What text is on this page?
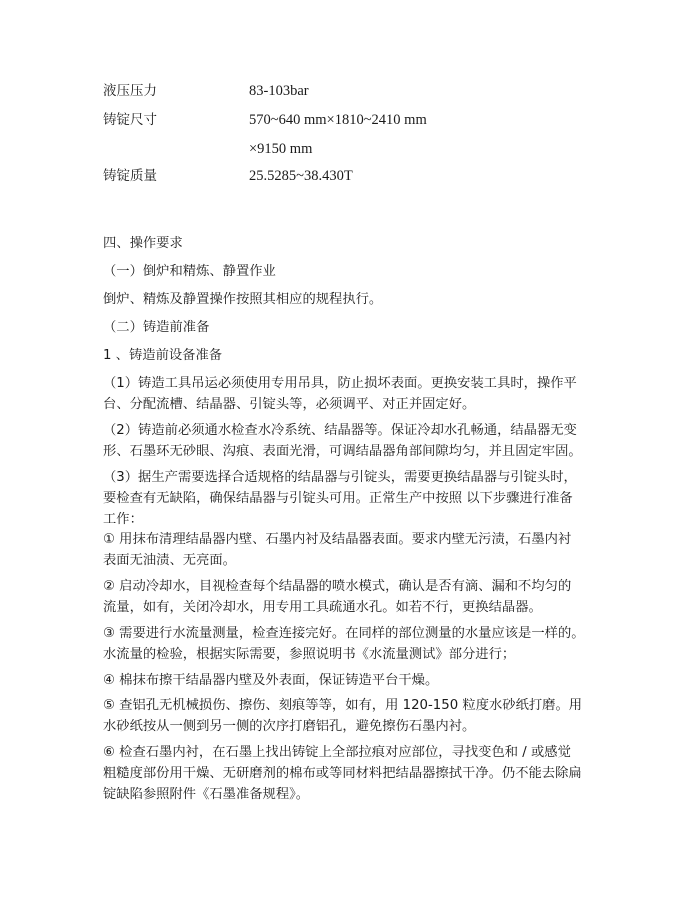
液压压力	83-103bar
铸锭尺寸	570~640 mm×1810~2410 mm
×9150 mm
铸锭质量	25.5285~38.430T
四、操作要求
（一）倒炉和精炼、静置作业
倒炉、精炼及静置操作按照其相应的规程执行。
（二）铸造前准备
1 、铸造前设备准备
（1）铸造工具吊运必须使用专用吊具，防止损坏表面。更换安装工具时，操作平
台、分配流槽、结晶器、引锭头等，必须调平、对正并固定好。
（2）铸造前必须通水检查水冷系统、结晶器等。保证冷却水孔畅通，结晶器无变
形、石墨环无砂眼、沟痕、表面光滑，可调结晶器角部间隙均匀，并且固定牢固。
（3）据生产需要选择合适规格的结晶器与引锭头，需要更换结晶器与引锭头时，
要检查有无缺陷，确保结晶器与引锭头可用。正常生产中按照 以下步骤进行准备
工作：
① 用抹布清理结晶器内壁、石墨内衬及结晶器表面。要求内壁无污渍，石墨内衬
表面无油渍、无亮面。
② 启动冷却水，目视检查每个结晶器的喷水模式，确认是否有滴、漏和不均匀的
流量，如有，关闭冷却水，用专用工具疏通水孔。如若不行，更换结晶器。
③ 需要进行水流量测量，检查连接完好。在同样的部位测量的水量应该是一样的。
水流量的检验，根据实际需要，参照说明书《水流量测试》部分进行；
④ 棉抹布擦干结晶器内壁及外表面，保证铸造平台干燥。
⑤ 查铝孔无机械损伤、擦伤、刻痕等等，如有，用 120-150 粒度水砂纸打磨。用
水砂纸按从一侧到另一侧的次序打磨铝孔，避免擦伤石墨内衬。
⑥ 检查石墨内衬，在石墨上找出铸锭上全部拉痕对应部位，寻找变色和 / 或感觉
粗糙度部份用干燥、无研磨剂的棉布或等同材料把结晶器擦拭干净。仍不能去除扁
锭缺陷参照附件《石墨准备规程》。
